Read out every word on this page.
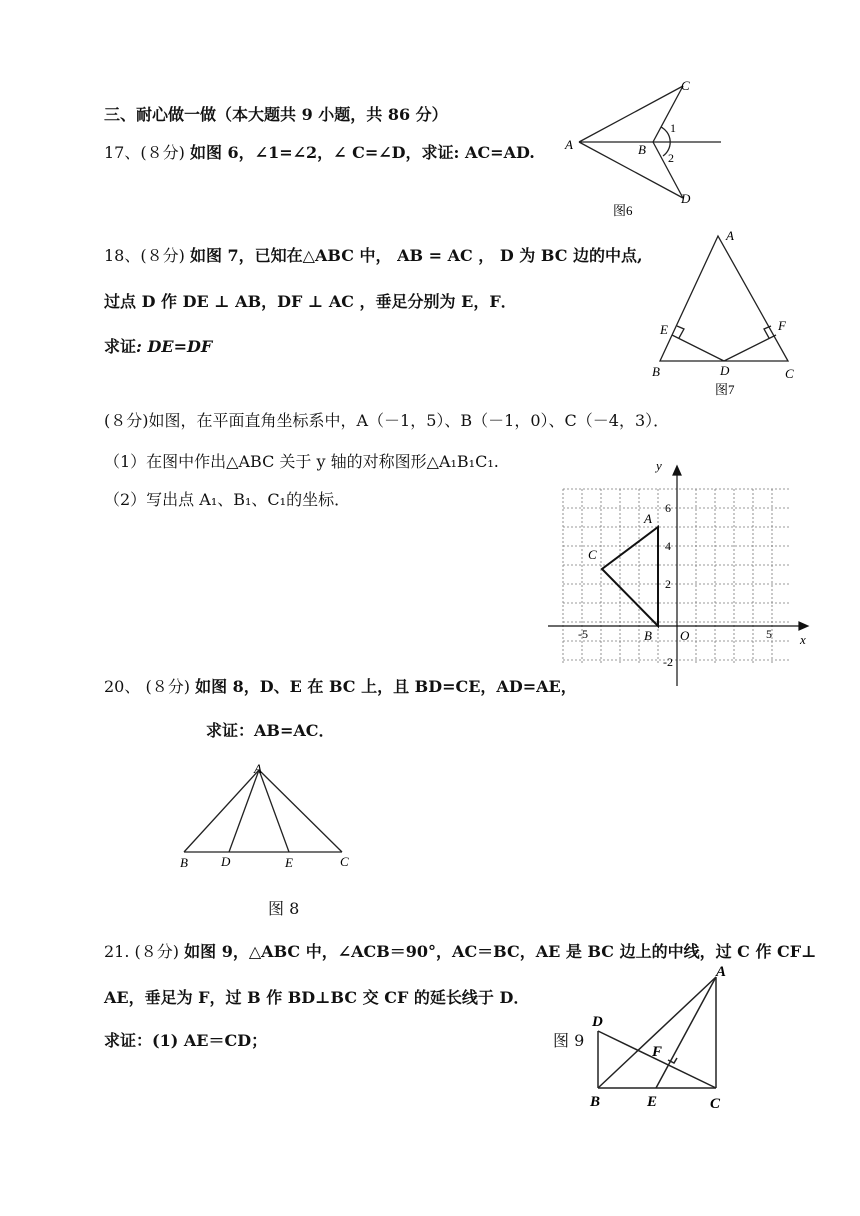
三、耐心做一做（本大题共 9 小题，共 86 分）
17、(８分) 如图 6，∠1=∠2，∠ C=∠D，求证: AC=AD.
C
A	B
D
1
2
图6
18、(８分) 如图 7，已知在△ABC 中， AB = AC ， D 为 BC 边的中点,
过点 D 作 DE ⊥ AB，DF ⊥ AC ，垂足分别为 E，F．
求证: DE=DF
A
E	F
B	D	C
图7
(８分)如图，在平面直角坐标系中，A（－1，5）、B（－1，0）、C（－4，3）．
（1）在图中作出△ABC 关于 y 轴的对称图形△A₁B₁C₁.
（2）写出点 A₁、B₁、C₁的坐标．
y
x
O
A
B
C
6
4
2
-2
-5	5
20、 (８分) 如图 8，D、E 在 BC 上，且 BD=CE，AD=AE，
求证：AB=AC．
A
B	D	E	C
图 8
21. (８分) 如图 9，△ABC 中，∠ACB＝90°，AC＝BC，AE 是 BC 边上的中线，过 C 作 CF⊥
AE，垂足为 F，过 B 作 BD⊥BC 交 CF 的延长线于 D．
求证：(1) AE＝CD；	图 9
A
D
F
B	E	C
